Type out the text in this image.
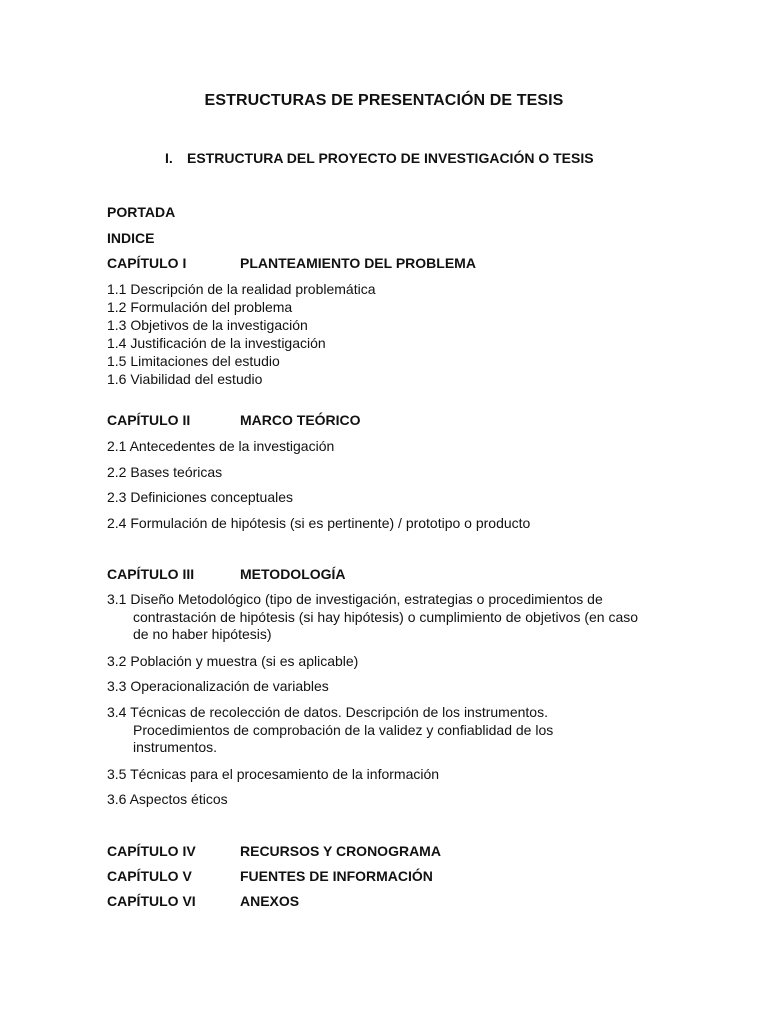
ESTRUCTURAS DE PRESENTACIÓN DE TESIS
I. ESTRUCTURA DEL PROYECTO DE INVESTIGACIÓN O TESIS
PORTADA
INDICE
CAPÍTULO I	PLANTEAMIENTO DEL PROBLEMA
1.1 Descripción de la realidad problemática
1.2 Formulación del problema
1.3 Objetivos de la investigación
1.4 Justificación de la investigación
1.5 Limitaciones del estudio
1.6 Viabilidad del estudio
CAPÍTULO II	MARCO TEÓRICO
2.1 Antecedentes de la investigación
2.2 Bases teóricas
2.3 Definiciones conceptuales
2.4 Formulación de hipótesis (si es pertinente) / prototipo o producto
CAPÍTULO III	METODOLOGÍA
3.1 Diseño Metodológico (tipo de investigación, estrategias o procedimientos de contrastación de hipótesis (si hay hipótesis) o cumplimiento de objetivos (en caso de no haber hipótesis)
3.2 Población y muestra (si es aplicable)
3.3 Operacionalización de variables
3.4 Técnicas de recolección de datos. Descripción de los instrumentos. Procedimientos de comprobación de la validez y confiablidad de los instrumentos.
3.5 Técnicas para el procesamiento de la información
3.6 Aspectos éticos
CAPÍTULO IV	RECURSOS Y CRONOGRAMA
CAPÍTULO V	FUENTES DE INFORMACIÓN
CAPÍTULO VI	ANEXOS
